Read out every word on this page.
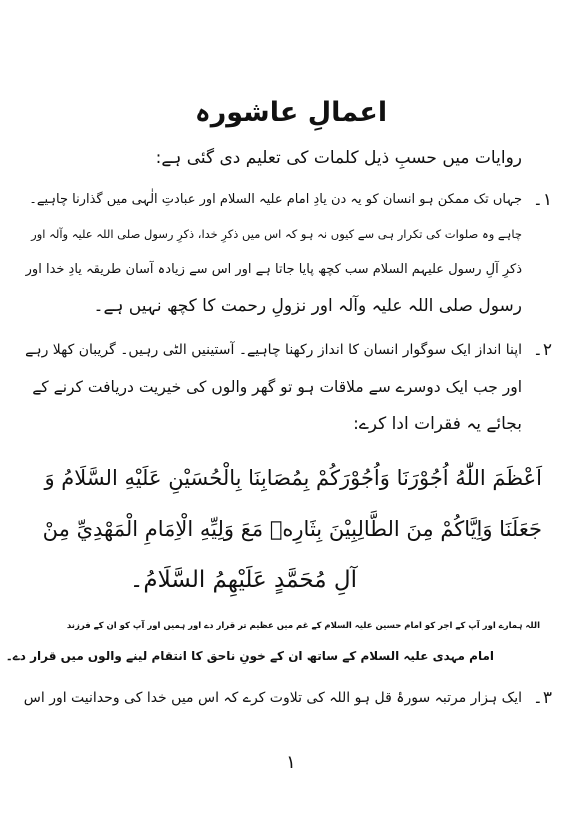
اعمالِ عاشورہ
روایات میں حسبِ ذیل کلمات کی تعلیم دی گئی ہے:
۱۔
جہاں تک ممکن ہو انسان کو یہ دن یادِ امام علیہ السلام اور عبادتِ الٰہی میں گذارنا چاہیے۔
چاہے وہ صلوات کی تکرار ہی سے کیوں نہ ہو کہ اس میں ذکرِ خدا، ذکرِ رسول صلی اللہ علیہ وآلہ اور
ذکرِ آلِ رسول علیہم السلام سب کچھ پایا جاتا ہے اور اس سے زیادہ آسان طریقہ یادِ خدا اور
رسول صلی اللہ علیہ وآلہ اور نزولِ رحمت کا کچھ نہیں ہے۔
۲۔
اپنا انداز ایک سوگوار انسان کا انداز رکھنا چاہیے۔ آستینیں الٹی رہیں۔ گریبان کھلا رہے
اور جب ایک دوسرے سے ملاقات ہو تو گھر والوں کی خیریت دریافت کرنے کے
بجائے یہ فقرات ادا کرے:
اَعْظَمَ اللّٰهُ اُجُوْرَنَا وَاُجُوْرَكُمْ بِمُصَابِنَا بِالْحُسَيْنِ عَلَيْهِ السَّلَامُ وَ
جَعَلَنَا وَاِيَّاكُمْ مِنَ الطَّالِبِيْنَ بِثَارِهٖ مَعَ وَلِيِّهِ الْاِمَامِ الْمَهْدِيِّ مِنْ
آلِ مُحَمَّدٍ عَلَيْهِمُ السَّلَامُ۔
اللہ ہمارے اور آپ کے اجر کو امام حسین علیہ السلام کے غم میں عظیم تر قرار دے اور ہمیں اور آپ کو ان کے فرزند
امام مہدی علیہ السلام کے ساتھ ان کے خونِ ناحق کا انتقام لینے والوں میں قرار دے۔
۳۔
ایک ہزار مرتبہ سورۂ قل ہو اللہ کی تلاوت کرے کہ اس میں خدا کی وحدانیت اور اس
۱
